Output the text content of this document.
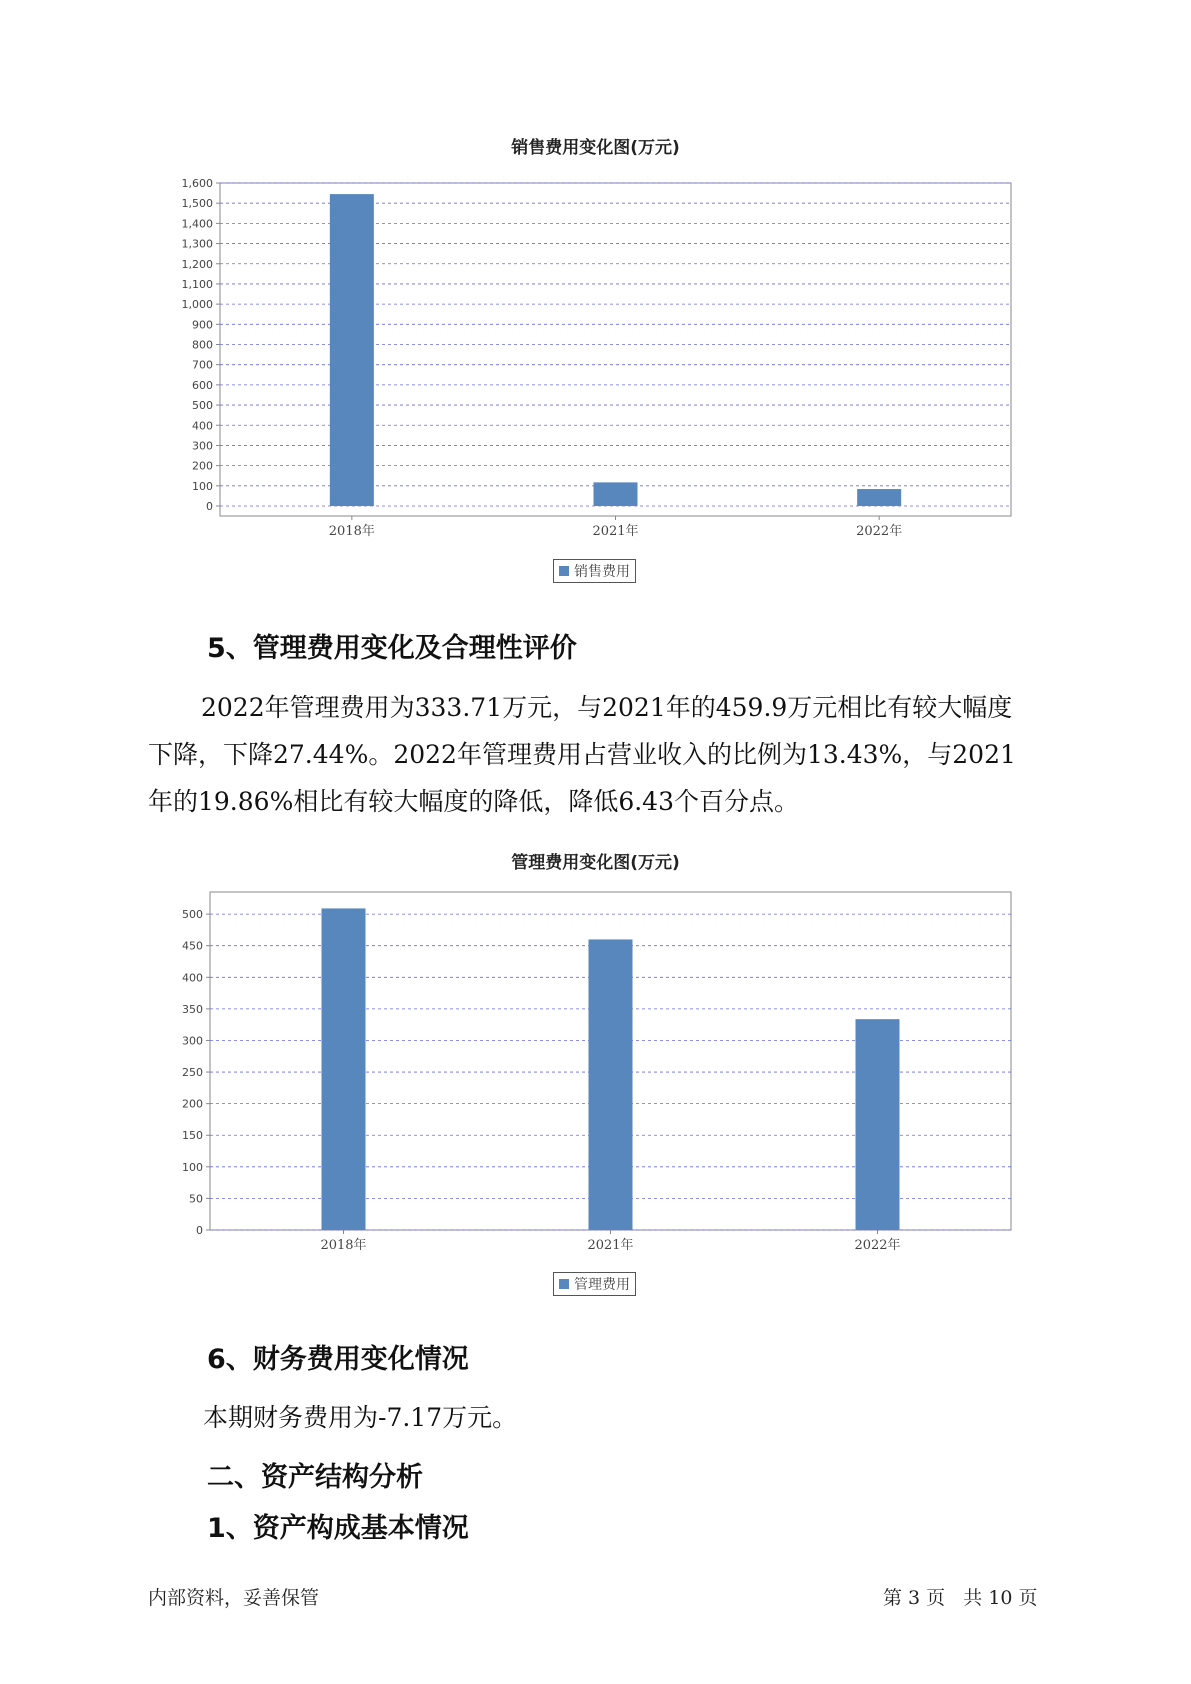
销售费用变化图(万元)
0
100
200
300
400
500
600
700
800
900
1,000
1,100
1,200
1,300
1,400
1,500
1,600
2018年	2021年	2022年
销售费用
5、管理费用变化及合理性评价

2022年管理费用为333.71万元，与2021年的459.9万元相比有较大幅度

下降，下降27.44%。2022年管理费用占营业收入的比例为13.43%，与2021

年的19.86%相比有较大幅度的降低，降低6.43个百分点。

管理费用变化图(万元)
0
50
100
150
200
250
300
350
400
450
500
2018年	2021年	2022年
管理费用
6、财务费用变化情况

本期财务费用为-7.17万元。

二、资产结构分析
1、资产构成基本情况
内部资料，妥善保管	第 3 页   共 10 页
